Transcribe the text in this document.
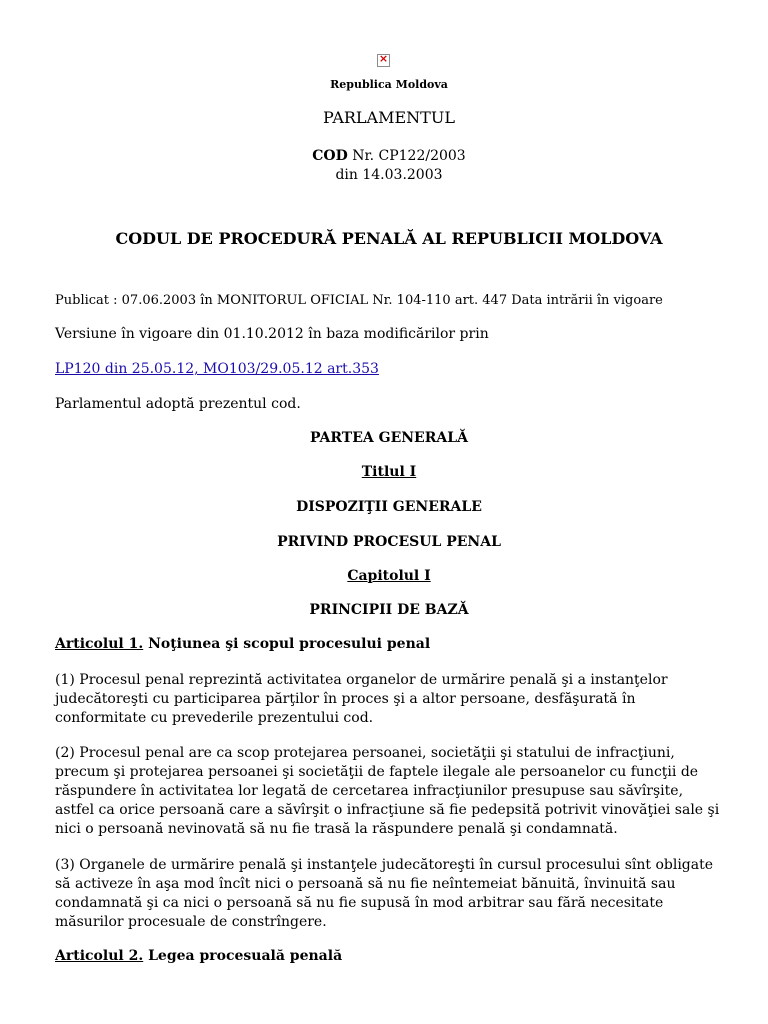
×
Republica Moldova
PARLAMENTUL
COD Nr. CP122/2003
din 14.03.2003
CODUL DE PROCEDURĂ PENALĂ AL REPUBLICII MOLDOVA
Publicat : 07.06.2003 în MONITORUL OFICIAL Nr. 104-110 art. 447 Data intrării în vigoare
Versiune în vigoare din 01.10.2012 în baza modificărilor prin
LP120 din 25.05.12, MO103/29.05.12 art.353
Parlamentul adoptă prezentul cod.
PARTEA GENERALĂ
Titlul I
DISPOZIŢII GENERALE
PRIVIND PROCESUL PENAL
Capitolul I
PRINCIPII DE BAZĂ
Articolul 1. Noţiunea şi scopul procesului penal
(1) Procesul penal reprezintă activitatea organelor de urmărire penală şi a instanţelor judecătoreşti cu participarea părţilor în proces şi a altor persoane, desfăşurată în conformitate cu prevederile prezentului cod.
(2) Procesul penal are ca scop protejarea persoanei, societăţii şi statului de infracţiuni, precum şi protejarea persoanei şi societăţii de faptele ilegale ale persoanelor cu funcţii de răspundere în activitatea lor legată de cercetarea infracţiunilor presupuse sau săvîrşite, astfel ca orice persoană care a săvîrşit o infracţiune să fie pedepsită potrivit vinovăţiei sale şi nici o persoană nevinovată să nu fie trasă la răspundere penală şi condamnată.
(3) Organele de urmărire penală şi instanţele judecătoreşti în cursul procesului sînt obligate să activeze în aşa mod încît nici o persoană să nu fie neîntemeiat bănuită, învinuită sau condamnată şi ca nici o persoană să nu fie supusă în mod arbitrar sau fără necesitate măsurilor procesuale de constrîngere.
Articolul 2. Legea procesuală penală
